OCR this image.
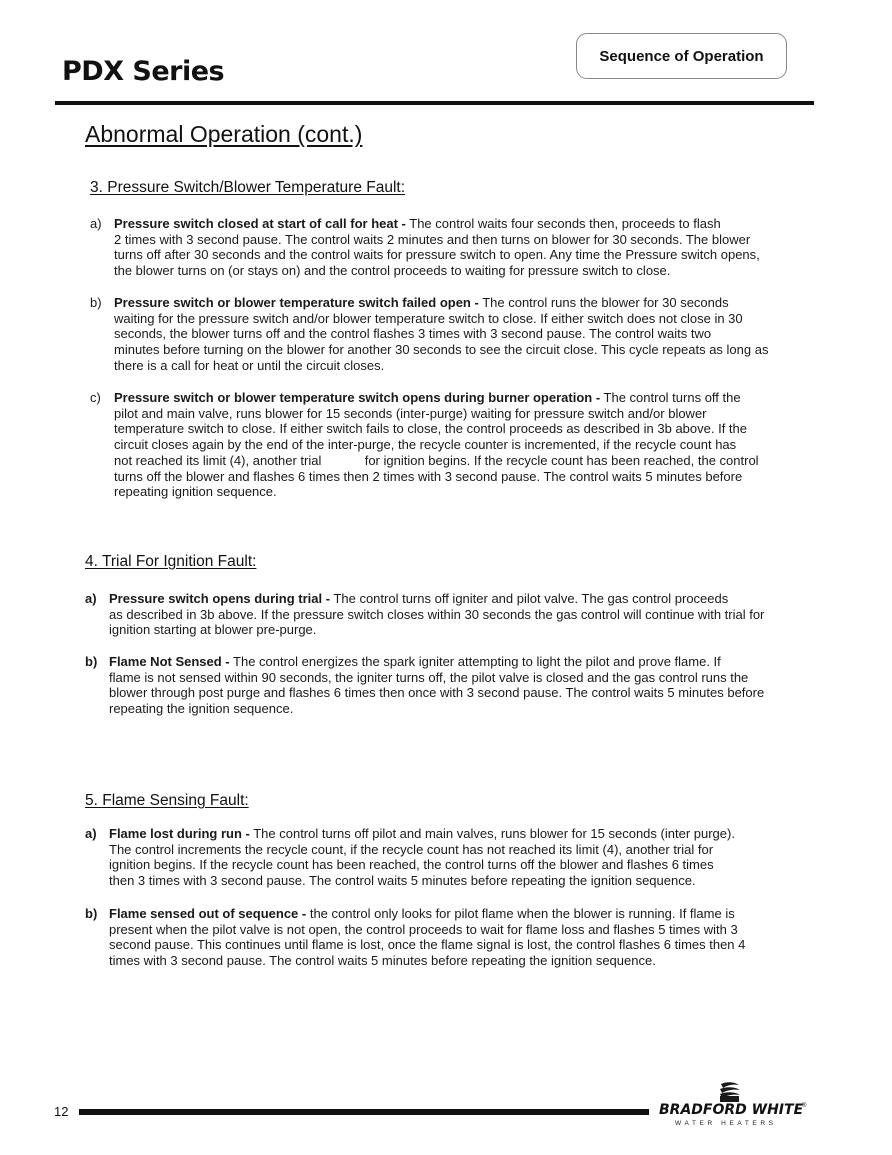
PDX Series	Sequence of Operation
Abnormal Operation (cont.)
3. Pressure Switch/Blower Temperature Fault:
a) Pressure switch closed at start of call for heat - The control waits four seconds then, proceeds to flash
2 times with 3 second pause. The control waits 2 minutes and then turns on blower for 30 seconds. The blower
turns off after 30 seconds and the control waits for pressure switch to open. Any time the Pressure switch opens,
the blower turns on (or stays on) and the control proceeds to waiting for pressure switch to close.
b) Pressure switch or blower temperature switch failed open - The control runs the blower for 30 seconds
waiting for the pressure switch and/or blower temperature switch to close. If either switch does not close in 30
seconds, the blower turns off and the control flashes 3 times with 3 second pause. The control waits two
minutes before turning on the blower for another 30 seconds to see the circuit close. This cycle repeats as long as
there is a call for heat or until the circuit closes.
c) Pressure switch or blower temperature switch opens during burner operation - The control turns off the
pilot and main valve, runs blower for 15 seconds (inter-purge) waiting for pressure switch and/or blower
temperature switch to close. If either switch fails to close, the control proceeds as described in 3b above. If the
circuit closes again by the end of the inter-purge, the recycle counter is incremented, if the recycle count has
not reached its limit (4), another trial            for ignition begins. If the recycle count has been reached, the control
turns off the blower and flashes 6 times then 2 times with 3 second pause. The control waits 5 minutes before
repeating ignition sequence.
4. Trial For Ignition Fault:
a) Pressure switch opens during trial - The control turns off igniter and pilot valve. The gas control proceeds
as described in 3b above. If the pressure switch closes within 30 seconds the gas control will continue with trial for
ignition starting at blower pre-purge.
b) Flame Not Sensed - The control energizes the spark igniter attempting to light the pilot and prove flame. If
flame is not sensed within 90 seconds, the igniter turns off, the pilot valve is closed and the gas control runs the
blower through post purge and flashes 6 times then once with 3 second pause. The control waits 5 minutes before
repeating the ignition sequence.
5. Flame Sensing Fault:
a) Flame lost during run - The control turns off pilot and main valves, runs blower for 15 seconds (inter purge).
The control increments the recycle count, if the recycle count has not reached its limit (4), another trial for
ignition begins. If the recycle count has been reached, the control turns off the blower and flashes 6 times
then 3 times with 3 second pause. The control waits 5 minutes before repeating the ignition sequence.
b) Flame sensed out of sequence - the control only looks for pilot flame when the blower is running. If flame is
present when the pilot valve is not open, the control proceeds to wait for flame loss and flashes 5 times with 3
second pause. This continues until flame is lost, once the flame signal is lost, the control flashes 6 times then 4
times with 3 second pause. The control waits 5 minutes before repeating the ignition sequence.
12	BRADFORD WHITE
®
WATER HEATERS
